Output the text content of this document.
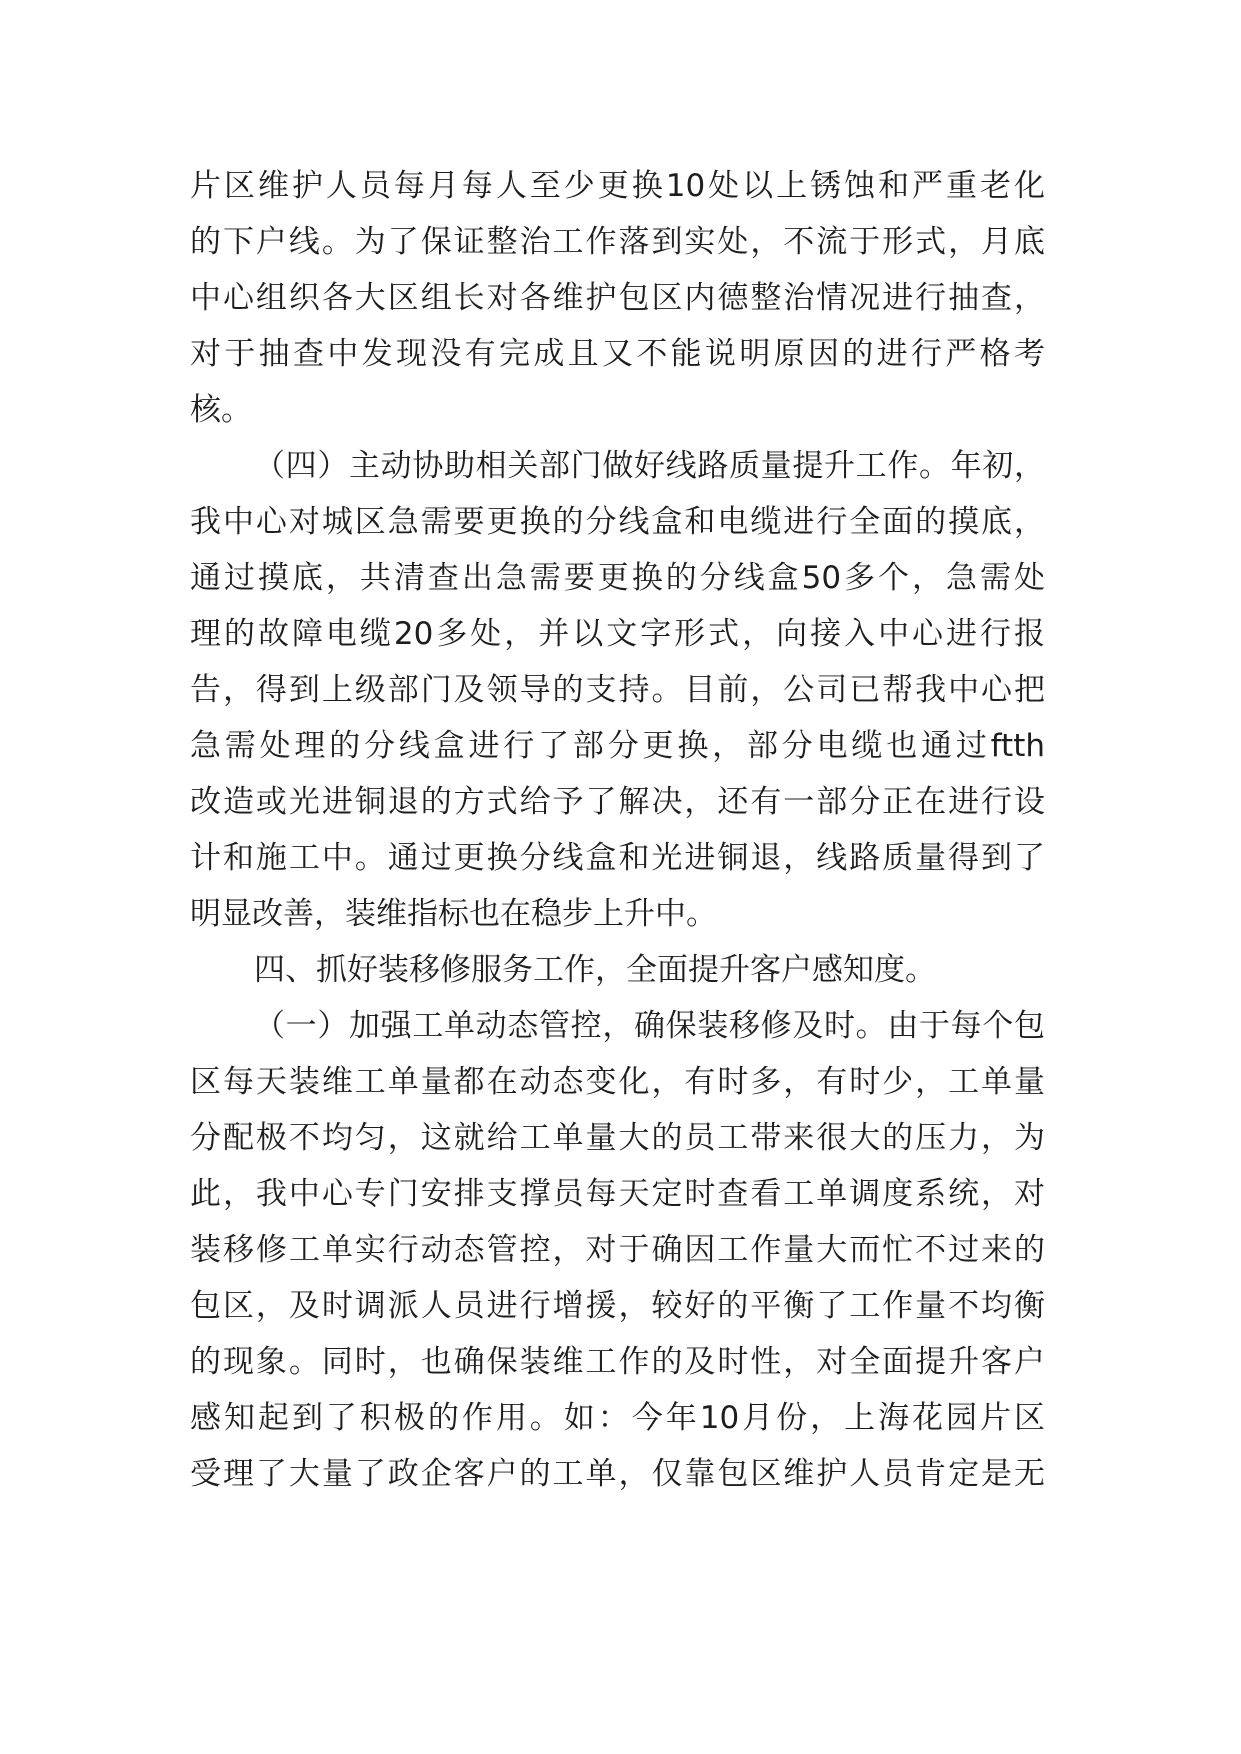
片区维护人员每月每人至少更换10处以上锈蚀和严重老化
的下户线。为了保证整治工作落到实处，不流于形式，月底
中心组织各大区组长对各维护包区内德整治情况进行抽查，
对于抽查中发现没有完成且又不能说明原因的进行严格考
核。
（四）主动协助相关部门做好线路质量提升工作。年初，
我中心对城区急需要更换的分线盒和电缆进行全面的摸底，
通过摸底，共清查出急需要更换的分线盒50多个，急需处
理的故障电缆20多处，并以文字形式，向接入中心进行报
告，得到上级部门及领导的支持。目前，公司已帮我中心把
急需处理的分线盒进行了部分更换，部分电缆也通过ftth
改造或光进铜退的方式给予了解决，还有一部分正在进行设
计和施工中。通过更换分线盒和光进铜退，线路质量得到了
明显改善，装维指标也在稳步上升中。
四、抓好装移修服务工作，全面提升客户感知度。
（一）加强工单动态管控，确保装移修及时。由于每个包
区每天装维工单量都在动态变化，有时多，有时少，工单量
分配极不均匀，这就给工单量大的员工带来很大的压力，为
此，我中心专门安排支撑员每天定时查看工单调度系统，对
装移修工单实行动态管控，对于确因工作量大而忙不过来的
包区，及时调派人员进行增援，较好的平衡了工作量不均衡
的现象。同时，也确保装维工作的及时性，对全面提升客户
感知起到了积极的作用。如：今年10月份，上海花园片区
受理了大量了政企客户的工单，仅靠包区维护人员肯定是无
